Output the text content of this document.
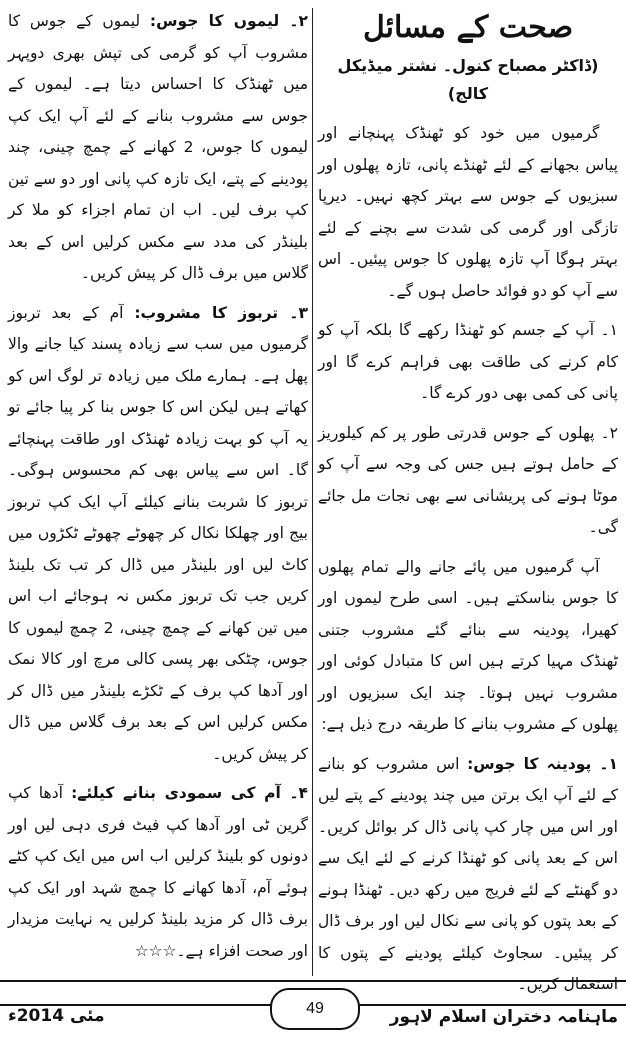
صحت کے مسائل
(ڈاکٹر مصباح کنول۔ نشتر میڈیکل کالج)

گرمیوں میں خود کو ٹھنڈک پہنچانے اور پیاس بجھانے کے لئے ٹھنڈے پانی، تازہ پھلوں اور سبزیوں کے جوس سے بہتر کچھ نہیں۔ دیرپا تازگی اور گرمی کی شدت سے بچنے کے لئے بہتر ہوگا آپ تازہ پھلوں کا جوس پیئیں۔ اس سے آپ کو دو فوائد حاصل ہوں گے۔

۱۔ آپ کے جسم کو ٹھنڈا رکھے گا بلکہ آپ کو کام کرنے کی طاقت بھی فراہم کرے گا اور پانی کی کمی بھی دور کرے گا۔

۲۔ پھلوں کے جوس قدرتی طور پر کم کیلوریز کے حامل ہوتے ہیں جس کی وجہ سے آپ کو موٹا ہونے کی پریشانی سے بھی نجات مل جائے گی۔

آپ گرمیوں میں پائے جانے والے تمام پھلوں کا جوس بناسکتے ہیں۔ اسی طرح لیموں اور کھیرا، پودینہ سے بنائے گئے مشروب جتنی ٹھنڈک مہیا کرتے ہیں اس کا متبادل کوئی اور مشروب نہیں ہوتا۔ چند ایک سبزیوں اور پھلوں کے مشروب بنانے کا طریقہ درج ذیل ہے:

۱۔ پودینہ کا جوس: اس مشروب کو بنانے کے لئے آپ ایک برتن میں چند پودینے کے پتے لیں اور اس میں چار کپ پانی ڈال کر بوائل کریں۔ اس کے بعد پانی کو ٹھنڈا کرنے کے لئے ایک سے دو گھنٹے کے لئے فریج میں رکھ دیں۔ ٹھنڈا ہونے کے بعد پتوں کو پانی سے نکال لیں اور برف ڈال کر پیئیں۔ سجاوٹ کیلئے پودینے کے پتوں کا استعمال کریں۔

۲۔ لیموں کا جوس: لیموں کے جوس کا مشروب آپ کو گرمی کی تپش بھری دوپہر میں ٹھنڈک کا احساس دیتا ہے۔ لیموں کے جوس سے مشروب بنانے کے لئے آپ ایک کپ لیموں کا جوس، 2 کھانے کے چمچ چینی، چند پودینے کے پتے، ایک تازہ کپ پانی اور دو سے تین کپ برف لیں۔ اب ان تمام اجزاء کو ملا کر بلینڈر کی مدد سے مکس کرلیں اس کے بعد گلاس میں برف ڈال کر پیش کریں۔

۳۔ تربوز کا مشروب: آم کے بعد تربوز گرمیوں میں سب سے زیادہ پسند کیا جانے والا پھل ہے۔ ہمارے ملک میں زیادہ تر لوگ اس کو کھاتے ہیں لیکن اس کا جوس بنا کر پیا جائے تو یہ آپ کو بہت زیادہ ٹھنڈک اور طاقت پہنچائے گا۔ اس سے پیاس بھی کم محسوس ہوگی۔ تربوز کا شربت بنانے کیلئے آپ ایک کپ تربوز بیج اور چھلکا نکال کر چھوٹے چھوٹے ٹکڑوں میں کاٹ لیں اور بلینڈر میں ڈال کر تب تک بلینڈ کریں جب تک تربوز مکس نہ ہوجائے اب اس میں تین کھانے کے چمچ چینی، 2 چمچ لیموں کا جوس، چٹکی بھر پسی کالی مرچ اور کالا نمک اور آدھا کپ برف کے ٹکڑے بلینڈر میں ڈال کر مکس کرلیں اس کے بعد برف گلاس میں ڈال کر پیش کریں۔

۴۔ آم کی سمودی بنانے کیلئے: آدھا کپ گرین ٹی اور آدھا کپ فیٹ فری دہی لیں اور دونوں کو بلینڈ کرلیں اب اس میں ایک کپ کٹے ہوئے آم، آدھا کھانے کا چمچ شہد اور ایک کپ برف ڈال کر مزید بلینڈ کرلیں یہ نہایت مزیدار اور صحت افزاء ہے۔☆☆☆

ماہنامہ دختران اسلام لاہور
49
مئی 2014ء
